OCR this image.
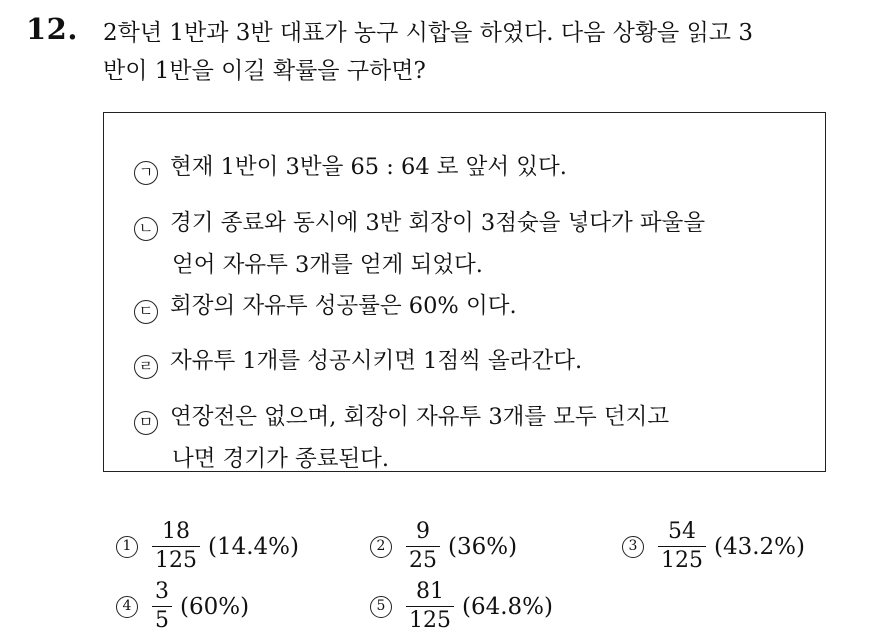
12. 2학년 1반과 3반 대표가 농구 시합을 하였다. 다음 상황을 읽고 3
반이 1반을 이길 확률을 구하면?
ㄱ 현재 1반이 3반을 65 : 64 로 앞서 있다.
ㄴ 경기 종료와 동시에 3반 회장이 3점슛을 넣다가 파울을
얻어 자유투 3개를 얻게 되었다.
ㄷ 회장의 자유투 성공률은 60% 이다.
ㄹ 자유투 1개를 성공시키면 1점씩 올라간다.
ㅁ 연장전은 없으며, 회장이 자유투 3개를 모두 던지고
나면 경기가 종료된다.
$1 \frac{18}{125} (14.4\%)$	$2 \frac{9}{25} (36\%)$	$3 \frac{54}{125} (43.2\%)$
$4 \frac{3}{5} (60\%)$	$5 \frac{81}{125} (64.8\%)$
